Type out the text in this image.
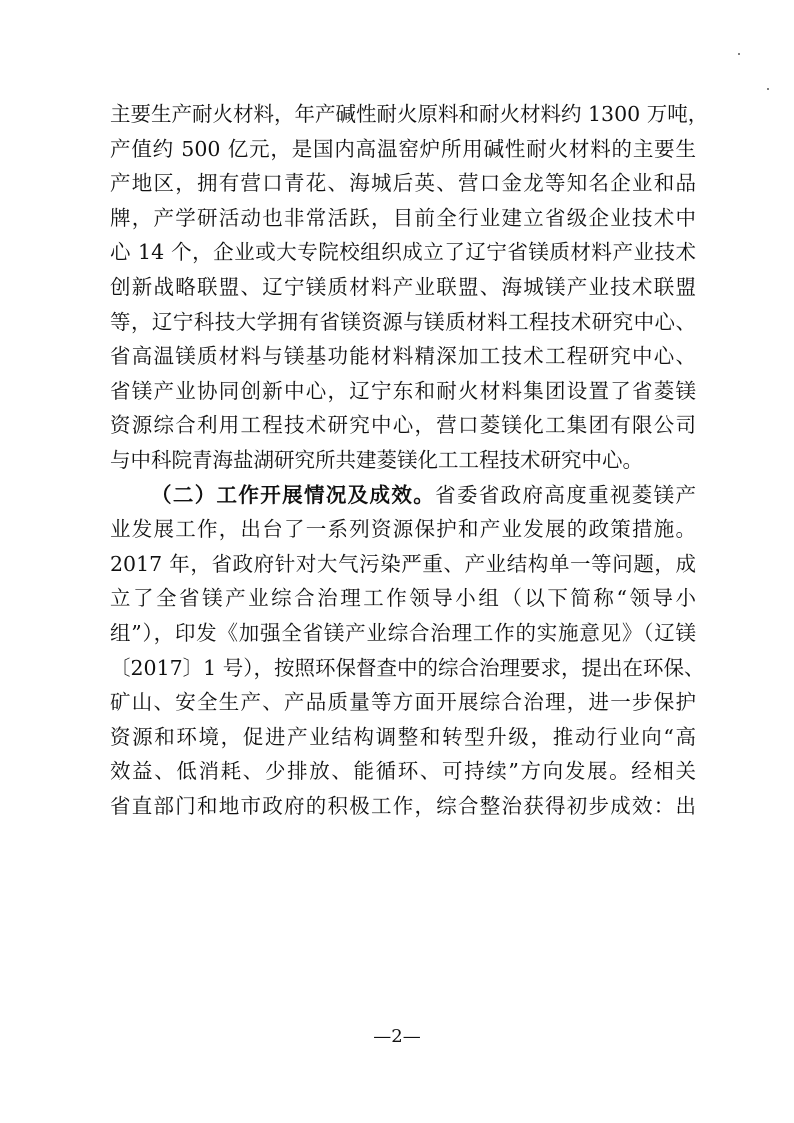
主要生产耐火材料，年产碱性耐火原料和耐火材料约 1300 万吨，
产值约 500 亿元，是国内高温窑炉所用碱性耐火材料的主要生
产地区，拥有营口青花、海城后英、营口金龙等知名企业和品
牌，产学研活动也非常活跃，目前全行业建立省级企业技术中
心 14 个，企业或大专院校组织成立了辽宁省镁质材料产业技术
创新战略联盟、辽宁镁质材料产业联盟、海城镁产业技术联盟
等，辽宁科技大学拥有省镁资源与镁质材料工程技术研究中心、
省高温镁质材料与镁基功能材料精深加工技术工程研究中心、
省镁产业协同创新中心，辽宁东和耐火材料集团设置了省菱镁
资源综合利用工程技术研究中心，营口菱镁化工集团有限公司
与中科院青海盐湖研究所共建菱镁化工工程技术研究中心。
（二）工作开展情况及成效。省委省政府高度重视菱镁产
业发展工作，出台了一系列资源保护和产业发展的政策措施。
2017 年，省政府针对大气污染严重、产业结构单一等问题，成
立了全省镁产业综合治理工作领导小组（以下简称“领导小
组”），印发《加强全省镁产业综合治理工作的实施意见》（辽镁
〔2017〕1 号），按照环保督查中的综合治理要求，提出在环保、
矿山、安全生产、产品质量等方面开展综合治理，进一步保护
资源和环境，促进产业结构调整和转型升级，推动行业向“高
效益、低消耗、少排放、能循环、可持续”方向发展。经相关
省直部门和地市政府的积极工作，综合整治获得初步成效：出
—2—
